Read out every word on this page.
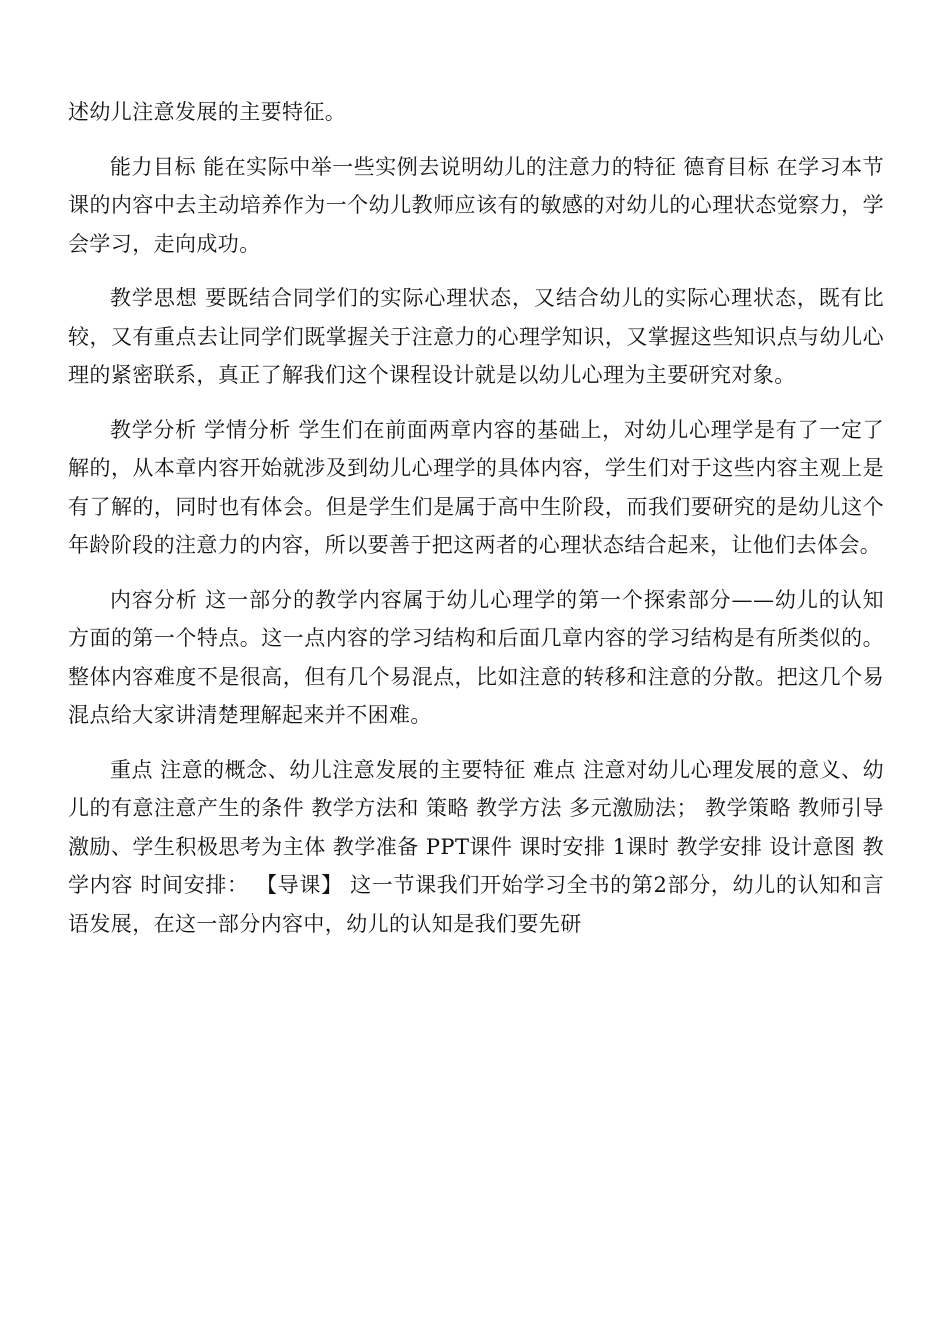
述幼儿注意发展的主要特征。

能力目标 能在实际中举一些实例去说明幼儿的注意力的特征 德育目标 在学习本节课的内容中去主动培养作为一个幼儿教师应该有的敏感的对幼儿的心理状态觉察力，学会学习，走向成功。

教学思想 要既结合同学们的实际心理状态，又结合幼儿的实际心理状态，既有比较，又有重点去让同学们既掌握关于注意力的心理学知识，又掌握这些知识点与幼儿心理的紧密联系，真正了解我们这个课程设计就是以幼儿心理为主要研究对象。

教学分析 学情分析 学生们在前面两章内容的基础上，对幼儿心理学是有了一定了解的，从本章内容开始就涉及到幼儿心理学的具体内容，学生们对于这些内容主观上是有了解的，同时也有体会。但是学生们是属于高中生阶段，而我们要研究的是幼儿这个年龄阶段的注意力的内容，所以要善于把这两者的心理状态结合起来，让他们去体会。

内容分析 这一部分的教学内容属于幼儿心理学的第一个探索部分——幼儿的认知方面的第一个特点。这一点内容的学习结构和后面几章内容的学习结构是有所类似的。整体内容难度不是很高，但有几个易混点，比如注意的转移和注意的分散。把这几个易混点给大家讲清楚理解起来并不困难。

重点 注意的概念、幼儿注意发展的主要特征 难点 注意对幼儿心理发展的意义、幼儿的有意注意产生的条件 教学方法和 策略 教学方法 多元激励法； 教学策略 教师引导激励、学生积极思考为主体 教学准备 PPT课件 课时安排 1课时 教学安排 设计意图 教学内容 时间安排： 【导课】 这一节课我们开始学习全书的第2部分，幼儿的认知和言语发展，在这一部分内容中，幼儿的认知是我们要先研
